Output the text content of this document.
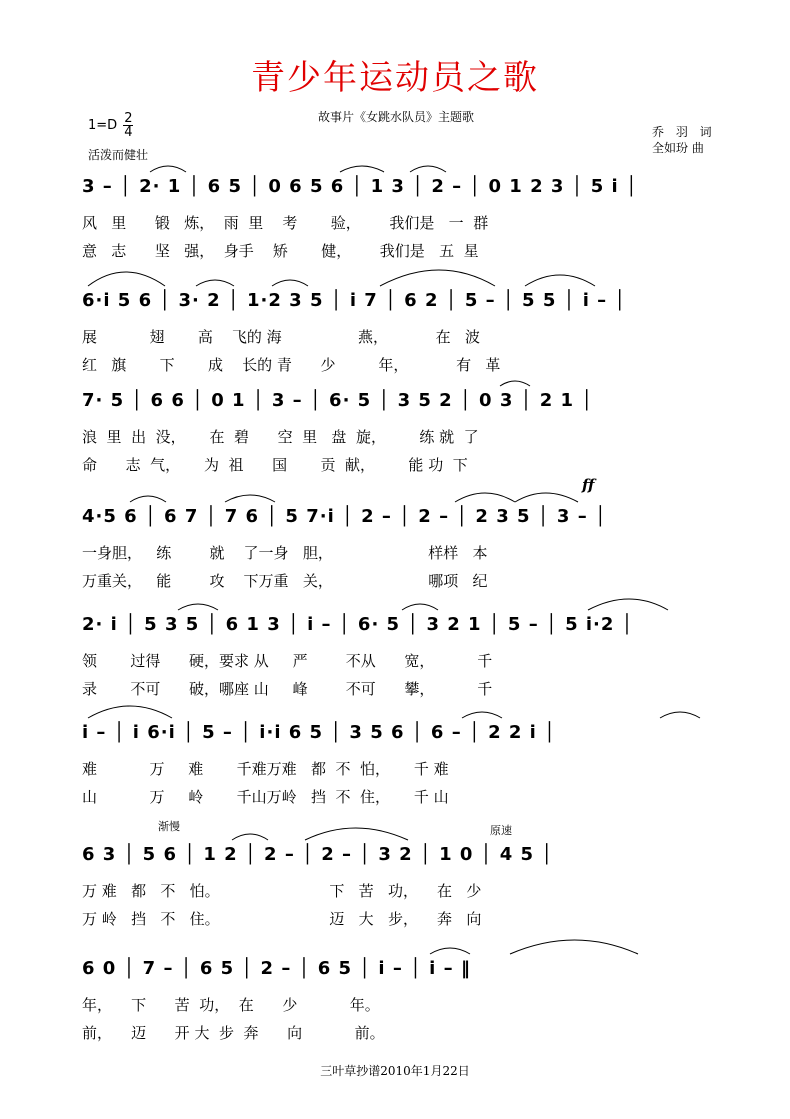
青少年运动员之歌
故事片《女跳水队员》主题歌
$1=D \frac{2}{4}$
活泼而健壮
乔 羽 词
全如玢 曲
3 – │ 2· 1 │ 6 5 │ 0 6 5 6 │ 1 3 │ 2 – │ 0 1 2 3 │ 5 i │
风   里      锻   炼，  雨  里    考       验，      我们是   一  群
意   志      坚   强，  身手    矫       健，      我们是   五  星
6·i 5 6 │ 3· 2 │ 1·2 3 5 │ i 7 │ 6 2 │ 5 – │ 5 5 │ i – │
展           翅       高    飞的 海                燕，          在   波
红   旗       下       成    长的 青      少         年，          有   革
7· 5 │ 6 6 │ 0 1 │ 3 – │ 6· 5 │ 3 5 2 │ 0 3 │ 2 1 │
浪  里  出  没，     在  碧      空  里   盘  旋，       练 就  了
命      志  气，     为  祖      国       贡  献，       能 功  下
ff
4·5 6 │ 6 7 │ 7 6 │ 5 7·i │ 2 – │ 2 – │ 2 3 5 │ 3 – │
一身胆，   练        就    了一身   胆，                    样样   本
万重关，   能        攻    下万重   关，                    哪项   纪
2· i │ 5 3 5 │ 6 1 3 │ i – │ 6· 5 │ 3 2 1 │ 5 – │ 5 i·2 │
领       过得      硬，要求 从     严        不从      宽，         千
录       不可      破，哪座 山     峰        不可      攀，         千
i – │ i 6·i │ 5 – │ i·i 6 5 │ 3 5 6 │ 6 – │ 2 2 i │
难           万     难       千难万难   都  不  怕，     千 难
山           万     岭       千山万岭   挡  不  住，     千 山
渐慢	原速
6 3 │ 5 6 │ 1 2 │ 2 – │ 2 – │ 3 2 │ 1 0 │ 4 5 │
万 难   都   不   怕。                       下   苦   功，    在   少
万 岭   挡   不   住。                       迈   大   步，    奔   向
6 0 │ 7 – │ 6 5 │ 2 – │ 6 5 │ i – │ i – ‖
年，    下      苦  功，  在      少           年。
前，    迈      开 大  步  奔      向           前。
三叶草抄谱2010年1月22日
